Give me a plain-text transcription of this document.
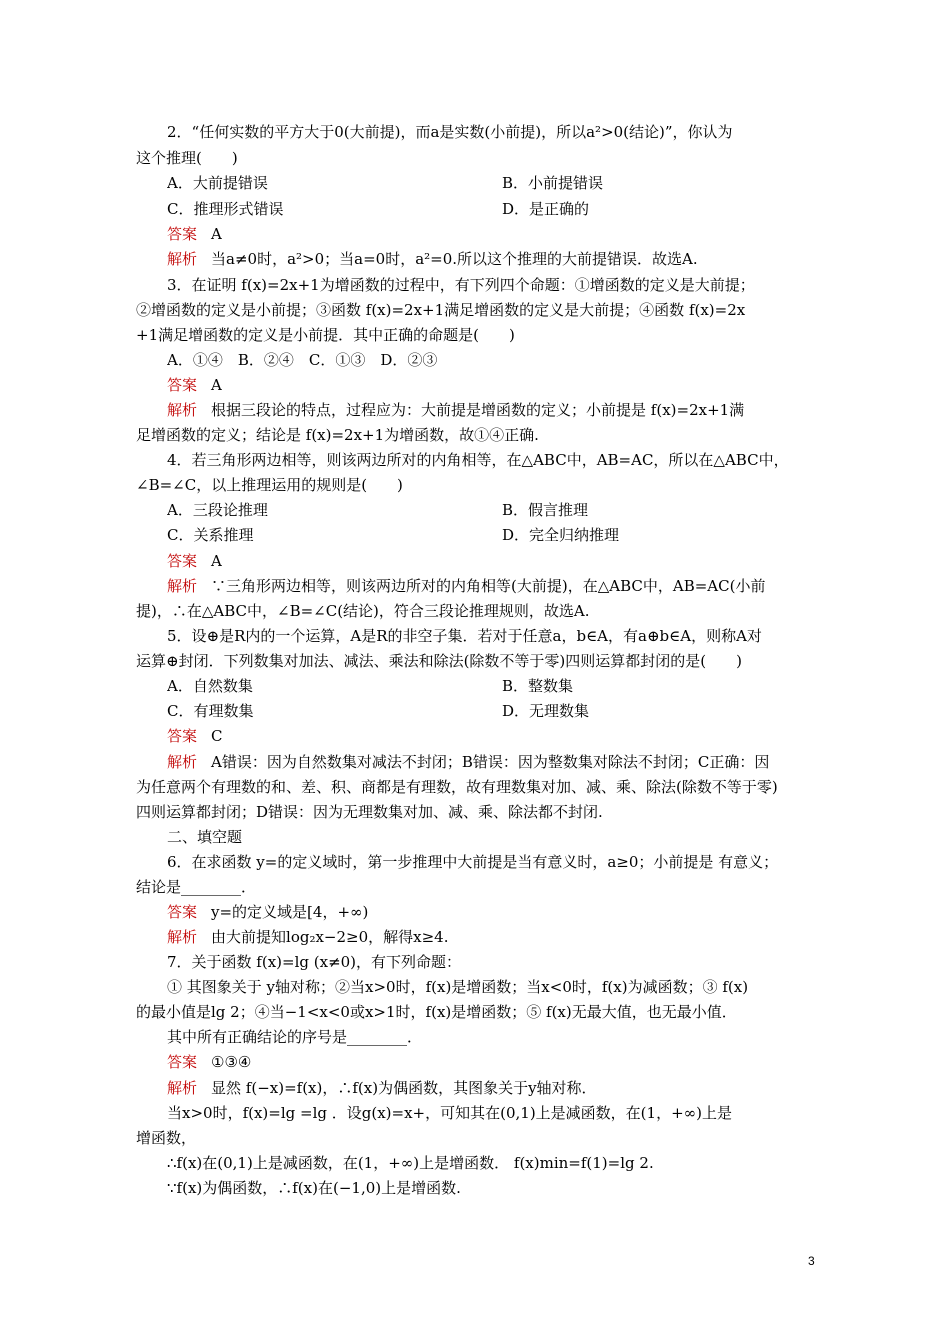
2．“任何实数的平方大于0(大前提)，而a是实数(小前提)，所以a²>0(结论)”，你认为
这个推理(　　)
A．大前提错误	B．小前提错误
C．推理形式错误	D．是正确的
答案 A
解析 当a≠0时，a²>0；当a=0时，a²=0.所以这个推理的大前提错误．故选A.
3．在证明 f(x)=2x+1为增函数的过程中，有下列四个命题：①增函数的定义是大前提；
②增函数的定义是小前提；③函数 f(x)=2x+1满足增函数的定义是大前提；④函数 f(x)=2x
+1满足增函数的定义是小前提．其中正确的命题是(　　)
A．①④　B．②④　C．①③　D．②③
答案 A
解析 根据三段论的特点，过程应为：大前提是增函数的定义；小前提是 f(x)=2x+1满
足增函数的定义；结论是 f(x)=2x+1为增函数，故①④正确.
4．若三角形两边相等，则该两边所对的内角相等，在△ABC中，AB=AC，所以在△ABC中，
∠B=∠C，以上推理运用的规则是(　　)
A．三段论推理	B．假言推理
C．关系推理	D．完全归纳推理
答案 A
解析 ∵三角形两边相等，则该两边所对的内角相等(大前提)，在△ABC中，AB=AC(小前
提)，∴在△ABC中，∠B=∠C(结论)，符合三段论推理规则，故选A.
5．设⊕是R内的一个运算，A是R的非空子集．若对于任意a，b∈A，有a⊕b∈A，则称A对
运算⊕封闭．下列数集对加法、减法、乘法和除法(除数不等于零)四则运算都封闭的是(　　)
A．自然数集	B．整数集
C．有理数集	D．无理数集
答案 C
解析 A错误：因为自然数集对减法不封闭；B错误：因为整数集对除法不封闭；C正确：因
为任意两个有理数的和、差、积、商都是有理数，故有理数集对加、减、乘、除法(除数不等于零)
四则运算都封闭；D错误：因为无理数集对加、减、乘、除法都不封闭.
二、填空题
6．在求函数 y=的定义域时，第一步推理中大前提是当有意义时，a≥0；小前提是 有意义；
结论是________．
答案 y=的定义域是[4，+∞)
解析 由大前提知log₂x−2≥0，解得x≥4.
7．关于函数 f(x)=lg (x≠0)，有下列命题：
① 其图象关于 y轴对称；②当x>0时，f(x)是增函数；当x<0时，f(x)为减函数；③ f(x)
的最小值是lg 2；④当−1<x<0或x>1时，f(x)是增函数；⑤ f(x)无最大值，也无最小值．
其中所有正确结论的序号是________．
答案 ①③④
解析 显然 f(−x)=f(x)，∴f(x)为偶函数，其图象关于y轴对称．
当x>0时，f(x)=lg =lg ．设g(x)=x+，可知其在(0,1)上是减函数，在(1，+∞)上是
增函数，
∴f(x)在(0,1)上是减函数，在(1，+∞)上是增函数． f(x)min=f(1)=lg 2.
∵f(x)为偶函数，∴f(x)在(−1,0)上是增函数.
3
